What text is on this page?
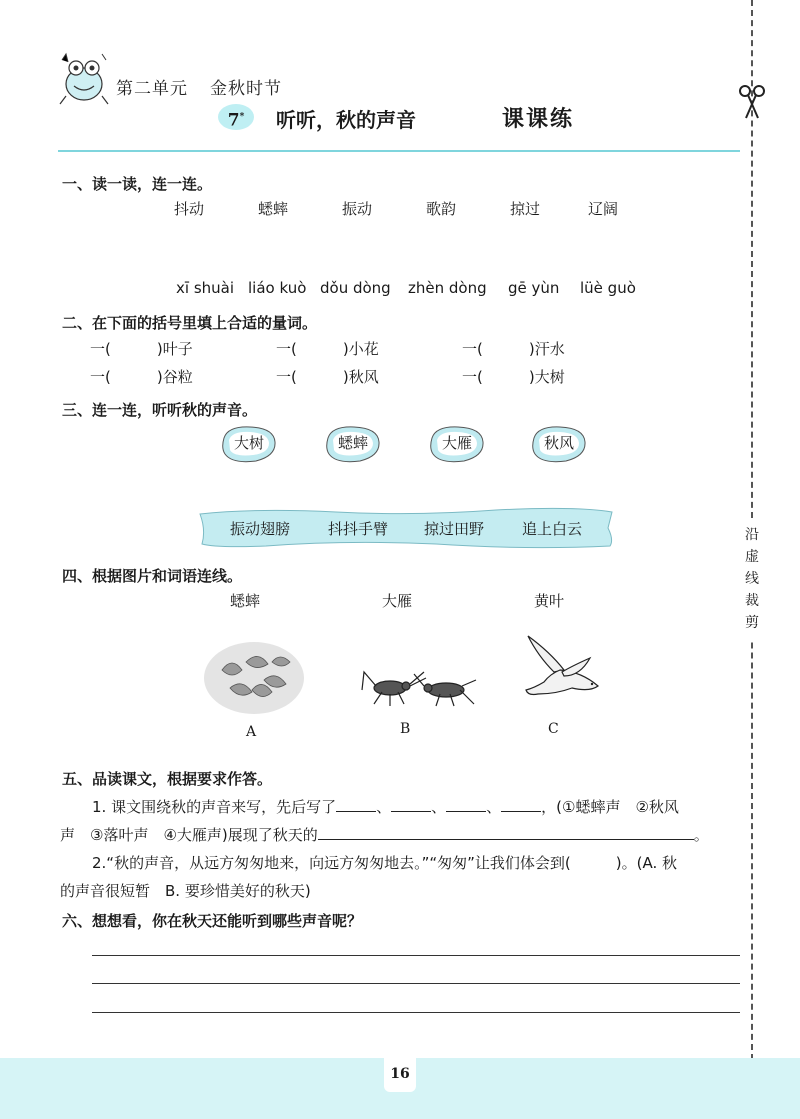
第二单元 金秋时节
7*	听听，秋的声音	课课练
沿
虚
线
裁
剪
一、读一读，连一连。
抖动	蟋蟀	振动	歌韵	掠过	辽阔
xī shuài liáo kuò dǒu dòng zhèn dòng gē yùn lüè guò
二、在下面的括号里填上合适的量词。
一(	)叶子	一(	)小花	一(	)汗水
一(	)谷粒	一(	)秋风	一(	)大树
三、连一连，听听秋的声音。
大树	蟋蟀	大雁	秋风
振动翅膀	抖抖手臂 掠过田野	追上白云
四、根据图片和词语连线。
蟋蟀	大雁	黄叶
A	B	C
五、品读课文，根据要求作答。
1. 课文围绕秋的声音来写，先后写了	、	、	、	，(①蟋蟀声　②秋风
声　③落叶声　④大雁声)展现了秋天的	。
2.“秋的声音，从远方匆匆地来，向远方匆匆地去。”“匆匆”让我们体会到(　　　)。(A. 秋
的声音很短暂　B. 要珍惜美好的秋天)
六、想想看，你在秋天还能听到哪些声音呢？
16
